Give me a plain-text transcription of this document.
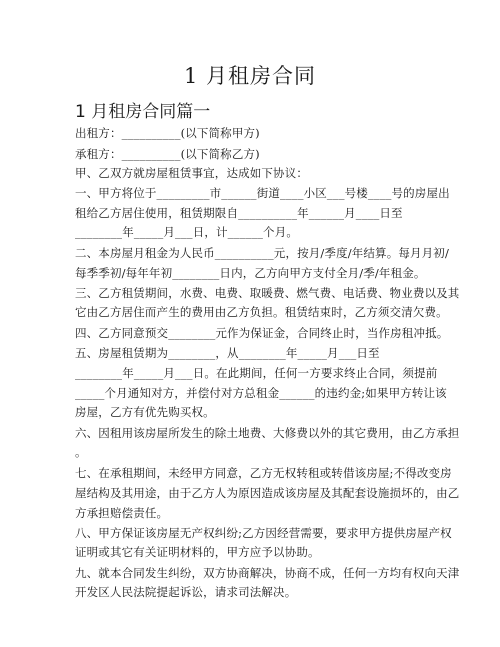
1 月租房合同
1 月租房合同篇一
出租方：__________(以下简称甲方)
承租方：__________(以下简称乙方)
甲、乙双方就房屋租赁事宜，达成如下协议：
一、甲方将位于_________市______街道____小区___号楼____号的房屋出
租给乙方居住使用，租赁期限自__________年______月____日至
________年_____月___日，计______个月。
二、本房屋月租金为人民币__________元，按月/季度/年结算。每月月初/
每季季初/每年年初________日内，乙方向甲方支付全月/季/年租金。
三、乙方租赁期间，水费、电费、取暖费、燃气费、电话费、物业费以及其
它由乙方居住而产生的费用由乙方负担。租赁结束时，乙方须交清欠费。
四、乙方同意预交________元作为保证金，合同终止时，当作房租冲抵。
五、房屋租赁期为________，从________年_____月___日至
________年_____月___日。在此期间，任何一方要求终止合同，须提前
_____个月通知对方，并偿付对方总租金______的违约金;如果甲方转让该
房屋，乙方有优先购买权。
六、因租用该房屋所发生的除土地费、大修费以外的其它费用，由乙方承担
。
七、在承租期间，未经甲方同意，乙方无权转租或转借该房屋;不得改变房
屋结构及其用途，由于乙方人为原因造成该房屋及其配套设施损坏的，由乙
方承担赔偿责任。
八、甲方保证该房屋无产权纠纷;乙方因经营需要，要求甲方提供房屋产权
证明或其它有关证明材料的，甲方应予以协助。
九、就本合同发生纠纷，双方协商解决，协商不成，任何一方均有权向天津
开发区人民法院提起诉讼，请求司法解决。
